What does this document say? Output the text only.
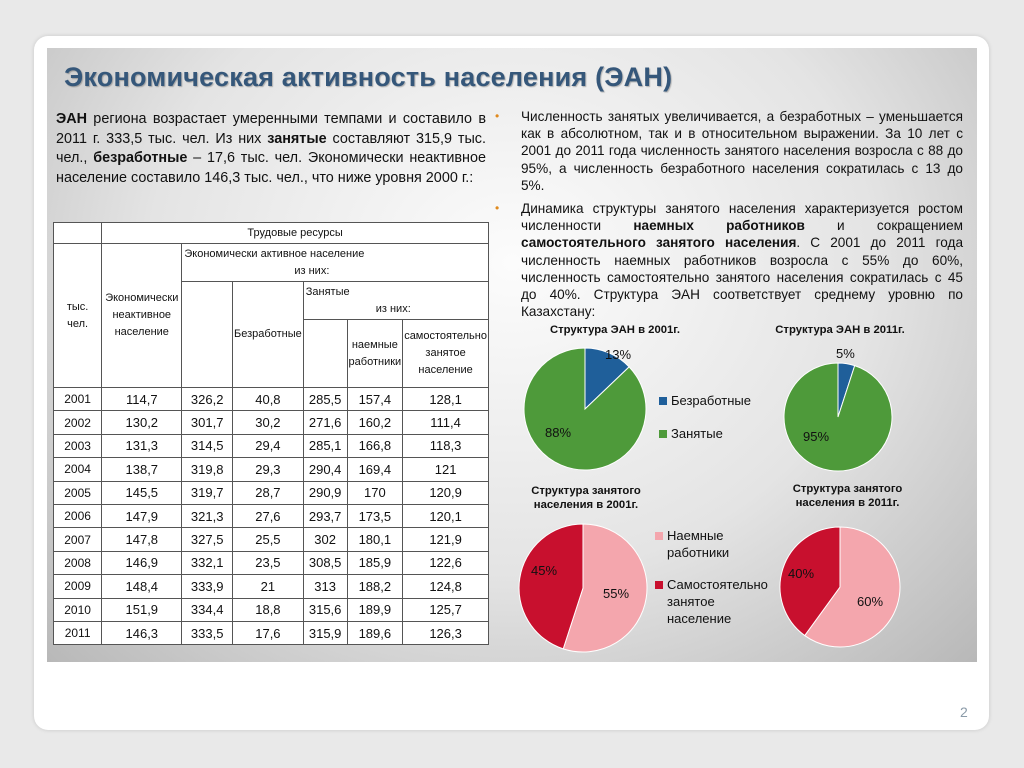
Экономическая активность населения (ЭАН)
ЭАН региона возрастает умеренными темпами и составило в 2011 г. 333,5 тыс. чел. Из них занятые составляют 315,9 тыс. чел., безработные – 17,6 тыс. чел. Экономически неактивное население составило 146,3 тыс. чел., что ниже уровня 2000 г.:
	Трудовые ресурсы					
тыс. чел.	Экономически неактивное население	Экономически активное население
из них:				

			Безработные	Занятые
из них:		

					наемные работники	самостоятельно занятое население

2001	114,7	326,2	40,8	285,5	157,4	128,1
2002	130,2	301,7	30,2	271,6	160,2	111,4
2003	131,3	314,5	29,4	285,1	166,8	118,3
2004	138,7	319,8	29,3	290,4	169,4	121
2005	145,5	319,7	28,7	290,9	170	120,9
2006	147,9	321,3	27,6	293,7	173,5	120,1
2007	147,8	327,5	25,5	302	180,1	121,9
2008	146,9	332,1	23,5	308,5	185,9	122,6
2009	148,4	333,9	21	313	188,2	124,8
2010	151,9	334,4	18,8	315,6	189,9	125,7
2011	146,3	333,5	17,6	315,9	189,6	126,3
• Численность занятых увеличивается, а безработных – уменьшается как в абсолютном, так и в относительном выражении. За 10 лет с 2001 до 2011 года численность занятого населения возросла с 88 до 95%, а численность безработного населения сократилась с 13 до 5%.
• Динамика структуры занятого населения характеризуется ростом численности наемных работников и сокращением самостоятельного занятого населения. С 2001 до 2011 года численность наемных работников возросла с 55% до 60%, численность самостоятельно занятого населения сократилась с 45 до 40%. Структура ЭАН соответствует среднему уровню по Казахстану:
Структура ЭАН в 2001г.
13%
88%
Безработные
Занятые
Структура ЭАН в 2011г.
5%
95%
Структура занятого населения в 2001г.
45%
55%
Наемные работники
Самостоятельно занятое население
Структура занятого населения в 2011г.
40%
60%
2
